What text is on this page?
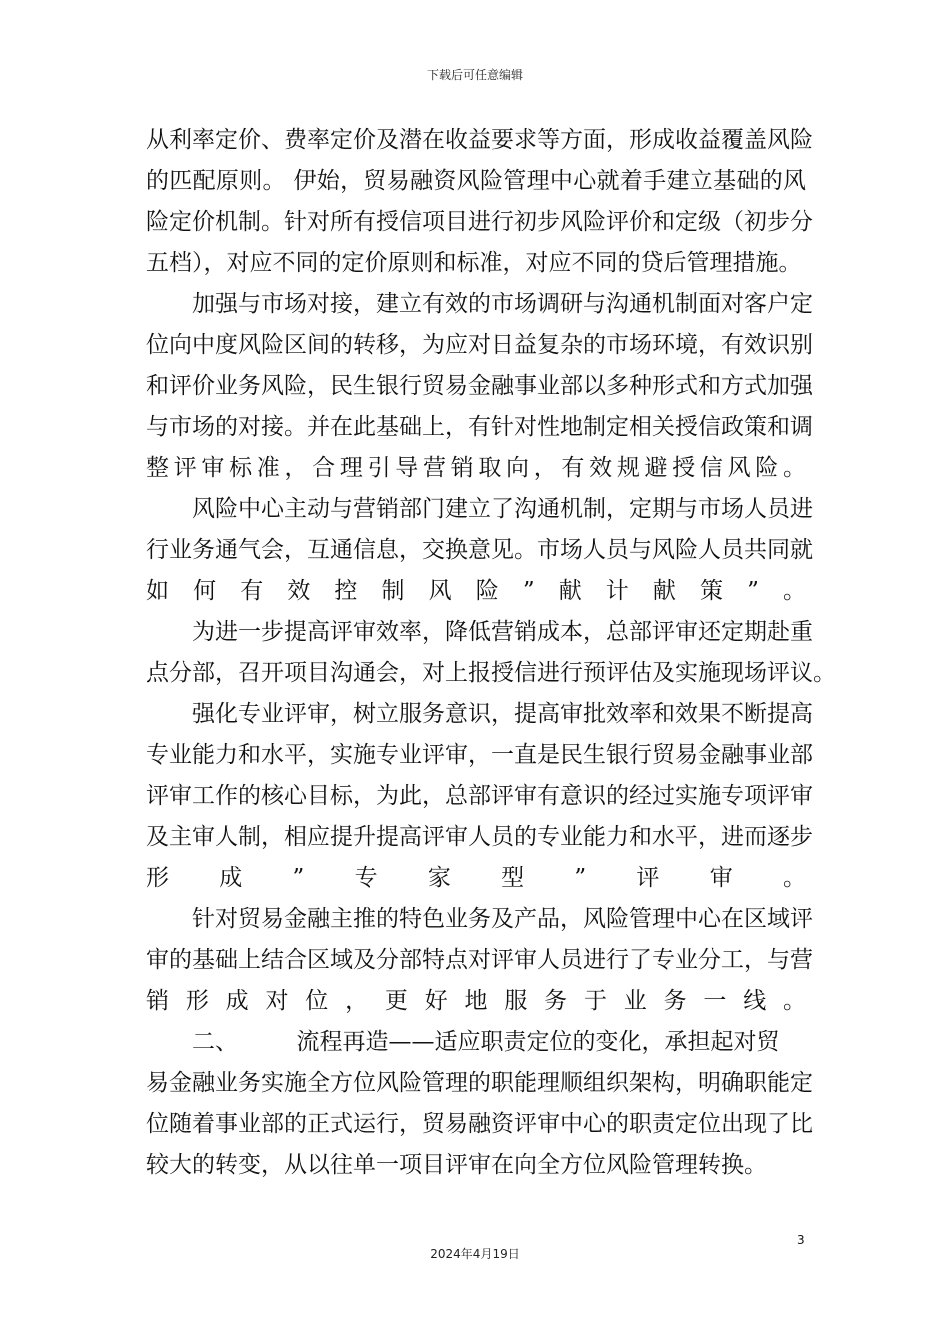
下载后可任意编辑
从利率定价、费率定价及潜在收益要求等方面，形成收益覆盖风险
的匹配原则。 伊始，贸易融资风险管理中心就着手建立基础的风
险定价机制。针对所有授信项目进行初步风险评价和定级（初步分
五档），对应不同的定价原则和标准，对应不同的贷后管理措施。
加强与市场对接，建立有效的市场调研与沟通机制面对客户定
位向中度风险区间的转移，为应对日益复杂的市场环境，有效识别
和评价业务风险，民生银行贸易金融事业部以多种形式和方式加强
与市场的对接。并在此基础上，有针对性地制定相关授信政策和调
整评审标准，合理引导营销取向，有效规避授信风险。
风险中心主动与营销部门建立了沟通机制，定期与市场人员进
行业务通气会，互通信息，交换意见。市场人员与风险人员共同就
如何有效控制风险”献计献策”。
为进一步提高评审效率，降低营销成本，总部评审还定期赴重
点分部，召开项目沟通会，对上报授信进行预评估及实施现场评议。
强化专业评审，树立服务意识，提高审批效率和效果不断提高
专业能力和水平，实施专业评审，一直是民生银行贸易金融事业部
评审工作的核心目标，为此，总部评审有意识的经过实施专项评审
及主审人制，相应提升提高评审人员的专业能力和水平，进而逐步
形成”专家型”评审。
针对贸易金融主推的特色业务及产品，风险管理中心在区域评
审的基础上结合区域及分部特点对评审人员进行了专业分工，与营
销形成对位，更好地服务于业务一线。
二、        流程再造——适应职责定位的变化，承担起对贸
易金融业务实施全方位风险管理的职能理顺组织架构，明确职能定
位随着事业部的正式运行，贸易融资评审中心的职责定位出现了比
较大的转变，从以往单一项目评审在向全方位风险管理转换。
3
2024年4月19日
